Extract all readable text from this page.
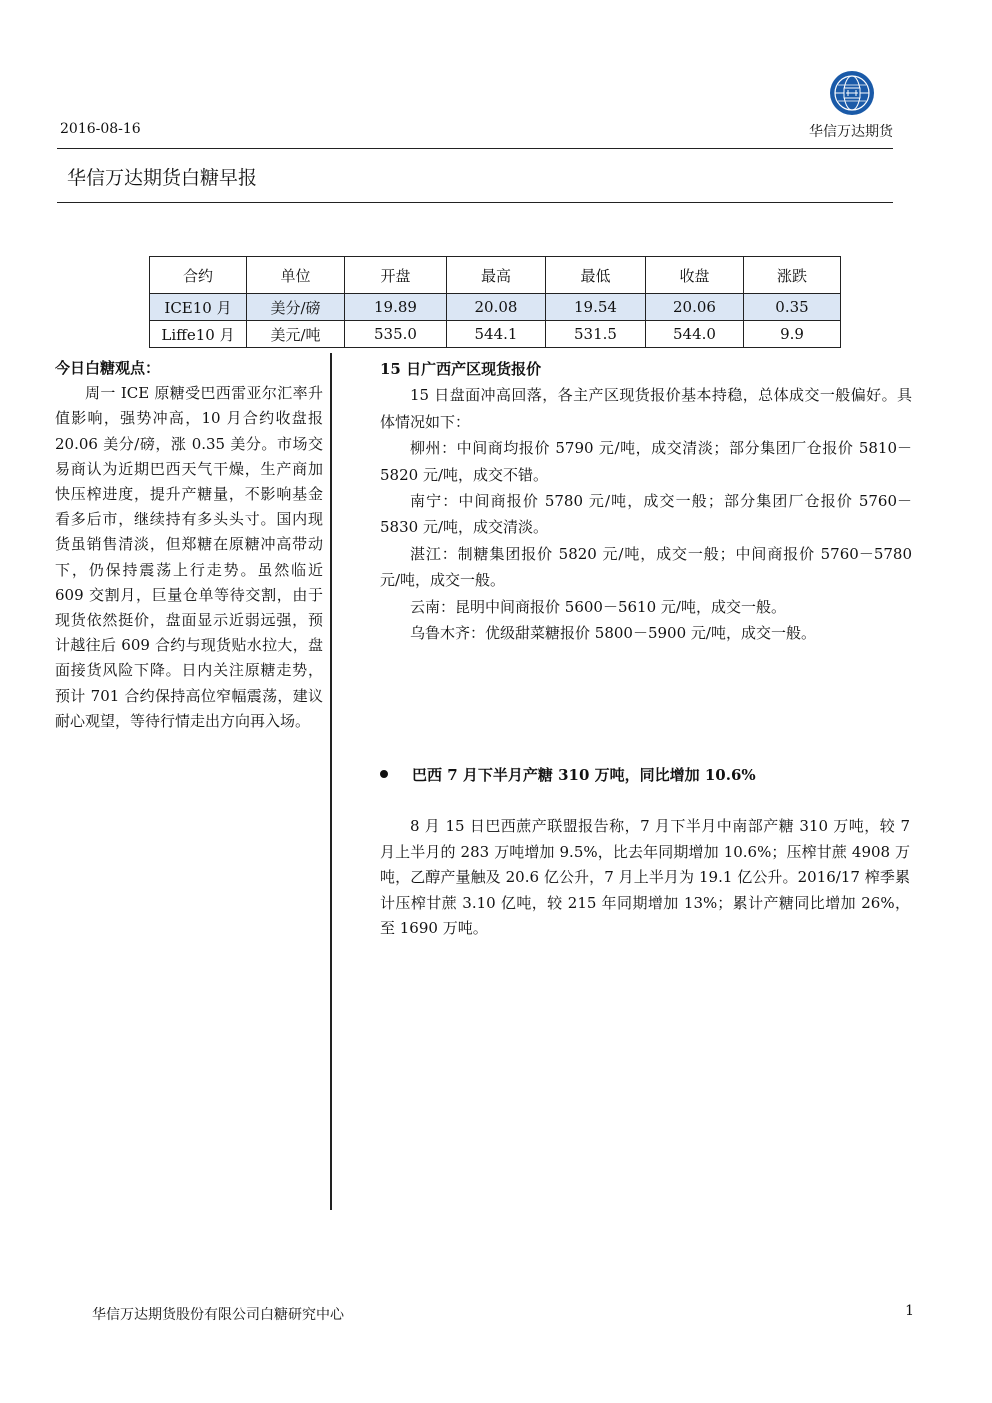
2016-08-16	华信万达期货
华信万达期货白糖早报
合约	单位	开盘	最高	最低	收盘	涨跌
ICE10 月	美分/磅	19.89	20.08	19.54	20.06	0.35
Liffe10 月	美元/吨	535.0	544.1	531.5	544.0	9.9
今日白糖观点：

周一 ICE 原糖受巴西雷亚尔汇率升值影响，强势冲高，10 月合约收盘报 20.06 美分/磅，涨 0.35 美分。市场交易商认为近期巴西天气干燥，生产商加快压榨进度，提升产糖量，不影响基金看多后市，继续持有多头头寸。国内现货虽销售清淡，但郑糖在原糖冲高带动下，仍保持震荡上行走势。虽然临近 609 交割月，巨量仓单等待交割，由于现货依然挺价，盘面显示近弱远强，预计越往后 609 合约与现货贴水拉大，盘面接货风险下降。日内关注原糖走势，预计 701 合约保持高位窄幅震荡，建议耐心观望，等待行情走出方向再入场。

15 日广西产区现货报价

15 日盘面冲高回落，各主产区现货报价基本持稳，总体成交一般偏好。具体情况如下：

柳州：中间商均报价 5790 元/吨，成交清淡；部分集团厂仓报价 5810－5820 元/吨，成交不错。

南宁：中间商报价 5780 元/吨，成交一般；部分集团厂仓报价 5760－5830 元/吨，成交清淡。

湛江：制糖集团报价 5820 元/吨，成交一般；中间商报价 5760－5780 元/吨，成交一般。

云南：昆明中间商报价 5600－5610 元/吨，成交一般。

乌鲁木齐：优级甜菜糖报价 5800－5900 元/吨，成交一般。

巴西 7 月下半月产糖 310 万吨，同比增加 10.6%

8 月 15 日巴西蔗产联盟报告称，7 月下半月中南部产糖 310 万吨，较 7 月上半月的 283 万吨增加 9.5%，比去年同期增加 10.6%；压榨甘蔗 4908 万吨，乙醇产量触及 20.6 亿公升，7 月上半月为 19.1 亿公升。2016/17 榨季累计压榨甘蔗 3.10 亿吨，较 215 年同期增加 13%；累计产糖同比增加 26%，至 1690 万吨。

华信万达期货股份有限公司白糖研究中心	1
